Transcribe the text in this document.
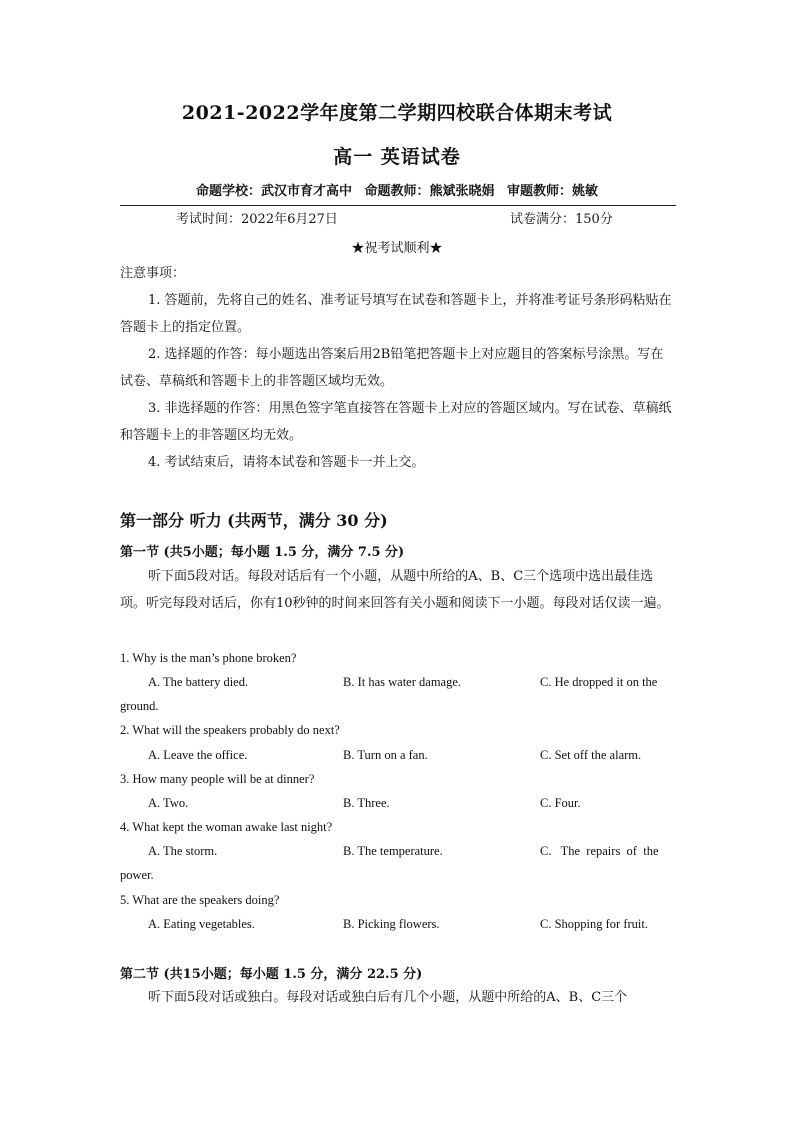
2021-2022学年度第二学期四校联合体期末考试
高一 英语试卷
命题学校：武汉市育才高中 命题教师：熊斌张晓娟 审题教师：姚敏
考试时间：2022年6月27日	试卷满分：150分
★祝考试顺利★
注意事项：
1. 答题前，先将自己的姓名、准考证号填写在试卷和答题卡上，并将准考证号条形码粘贴在答题卡上的指定位置。
2. 选择题的作答：每小题选出答案后用2B铅笔把答题卡上对应题目的答案标号涂黑。写在试卷、草稿纸和答题卡上的非答题区域均无效。
3. 非选择题的作答：用黑色签字笔直接答在答题卡上对应的答题区域内。写在试卷、草稿纸和答题卡上的非答题区均无效。
4. 考试结束后，请将本试卷和答题卡一并上交。
第一部分 听力 (共两节，满分 30 分)
第一节 (共5小题；每小题 1.5 分，满分 7.5 分)
听下面5段对话。每段对话后有一个小题，从题中所给的A、B、C三个选项中选出最佳选项。听完每段对话后，你有10秒钟的时间来回答有关小题和阅读下一小题。每段对话仅读一遍。
1. Why is the man’s phone broken?
A. The battery died.	B. It has water damage.	C. He dropped it on the
ground.
2. What will the speakers probably do next?
A. Leave the office.	B. Turn on a fan.	C. Set off the alarm.
3. How many people will be at dinner?
A. Two.	B. Three.	C. Four.
4. What kept the woman awake last night?
A. The storm.	B. The temperature.	C.   The  repairs  of  the
power.
5. What are the speakers doing?
A. Eating vegetables.	B. Picking flowers.	C. Shopping for fruit.
第二节 (共15小题；每小题 1.5 分，满分 22.5 分)
听下面5段对话或独白。每段对话或独白后有几个小题，从题中所给的A、B、C三个
